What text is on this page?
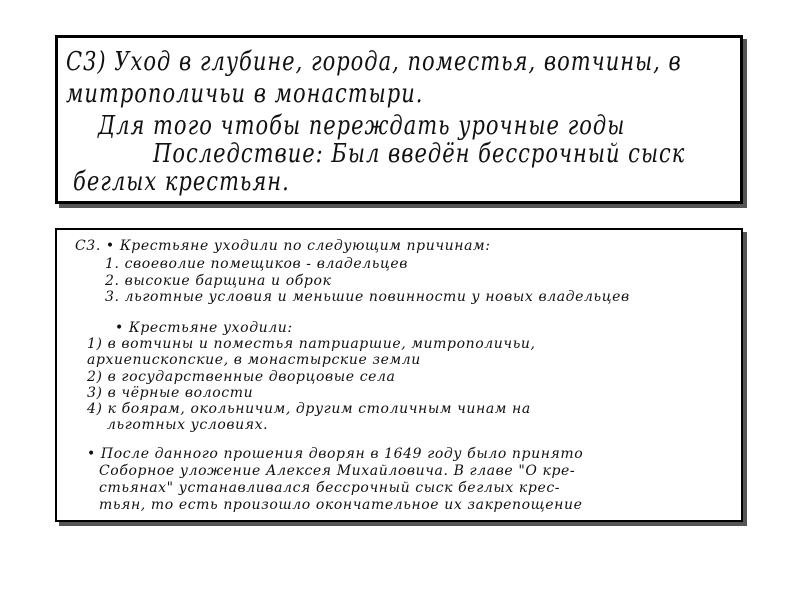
С3) Уход в глубине, города, поместья, вотчины, в
митрополичьи в монастыри.
Для того чтобы переждать урочные годы
Последствие: Был введён бессрочный сыск
беглых крестьян.
С3. • Крестьяне уходили по следующим причинам:
1. своеволие помещиков - владельцев
2. высокие барщина и оброк
3. льготные условия и меньшие повинности у новых владельцев
• Крестьяне уходили:
1) в вотчины и поместья патриаршие, митрополичьи,
архиепископские, в монастырские земли
2) в государственные дворцовые села
3) в чёрные волости
4) к боярам, окольничим, другим столичным чинам на
льготных условиях.
• После данного прошения дворян в 1649 году было принято
Соборное уложение Алексея Михайловича. В главе "О кре-
стьянах" устанавливался бессрочный сыск беглых крес-
тьян, то есть произошло окончательное их закрепощение
